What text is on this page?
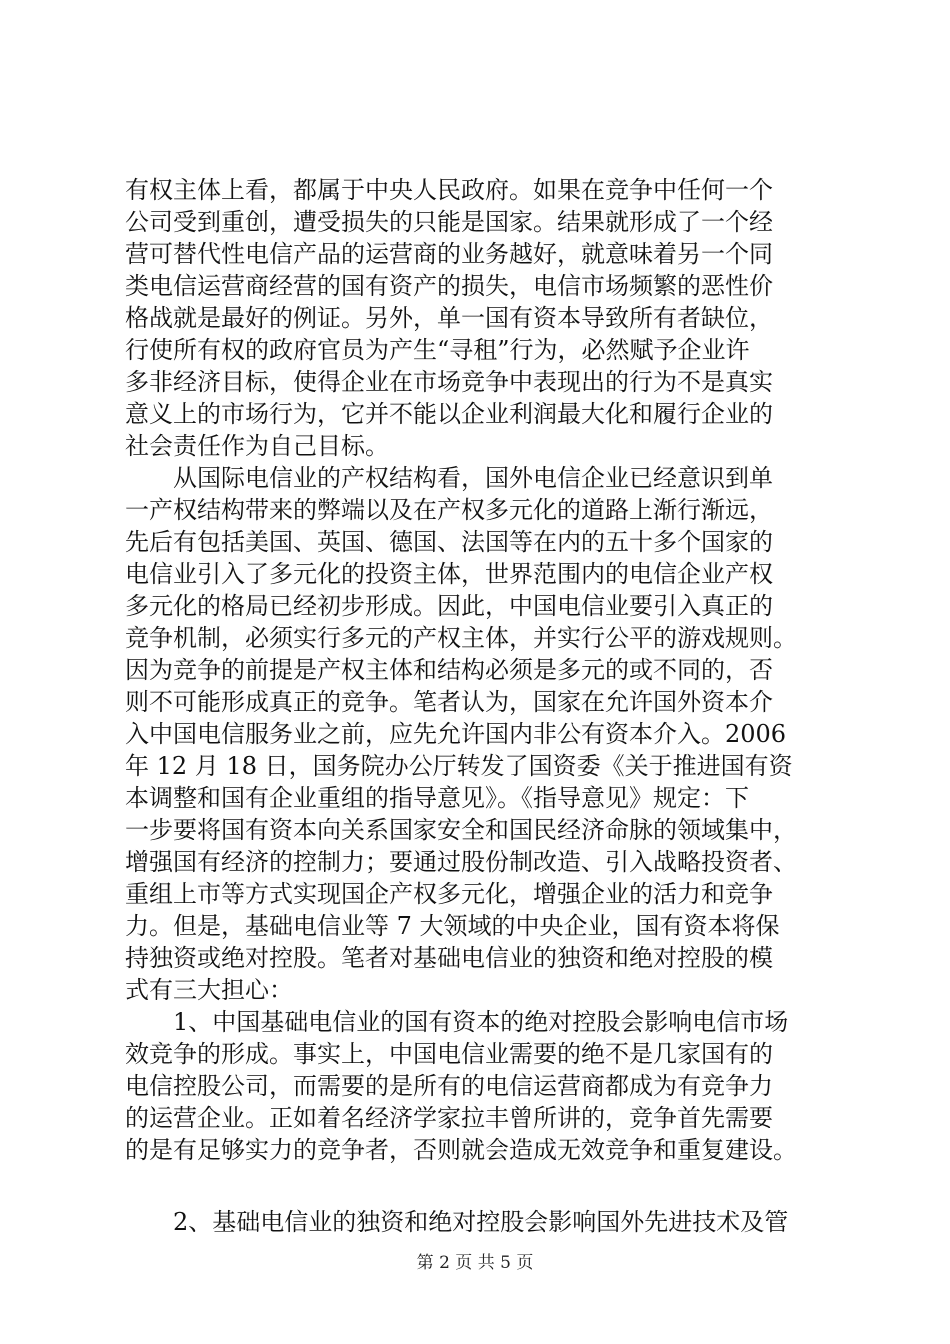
有权主体上看，都属于中央人民政府。如果在竞争中任何一个
公司受到重创，遭受损失的只能是国家。结果就形成了一个经
营可替代性电信产品的运营商的业务越好，就意味着另一个同
类电信运营商经营的国有资产的损失，电信市场频繁的恶性价
格战就是最好的例证。另外，单一国有资本导致所有者缺位，
行使所有权的政府官员为产生“寻租”行为，必然赋予企业许
多非经济目标，使得企业在市场竞争中表现出的行为不是真实
意义上的市场行为，它并不能以企业利润最大化和履行企业的
社会责任作为自己目标。
从国际电信业的产权结构看，国外电信企业已经意识到单
一产权结构带来的弊端以及在产权多元化的道路上渐行渐远，
先后有包括美国、英国、德国、法国等在内的五十多个国家的
电信业引入了多元化的投资主体，世界范围内的电信企业产权
多元化的格局已经初步形成。因此，中国电信业要引入真正的
竞争机制，必须实行多元的产权主体，并实行公平的游戏规则。
因为竞争的前提是产权主体和结构必须是多元的或不同的，否
则不可能形成真正的竞争。笔者认为，国家在允许国外资本介
入中国电信服务业之前，应先允许国内非公有资本介入。2006
年 12 月 18 日，国务院办公厅转发了国资委《关于推进国有资
本调整和国有企业重组的指导意见》。《指导意见》规定：下
一步要将国有资本向关系国家安全和国民经济命脉的领域集中，
增强国有经济的控制力；要通过股份制改造、引入战略投资者、
重组上市等方式实现国企产权多元化，增强企业的活力和竞争
力。但是，基础电信业等 7 大领域的中央企业，国有资本将保
持独资或绝对控股。笔者对基础电信业的独资和绝对控股的模
式有三大担心：
1、中国基础电信业的国有资本的绝对控股会影响电信市场
效竞争的形成。事实上，中国电信业需要的绝不是几家国有的
电信控股公司，而需要的是所有的电信运营商都成为有竞争力
的运营企业。正如着名经济学家拉丰曾所讲的，竞争首先需要
的是有足够实力的竞争者，否则就会造成无效竞争和重复建设。
2、基础电信业的独资和绝对控股会影响国外先进技术及管
第 2 页 共 5 页
